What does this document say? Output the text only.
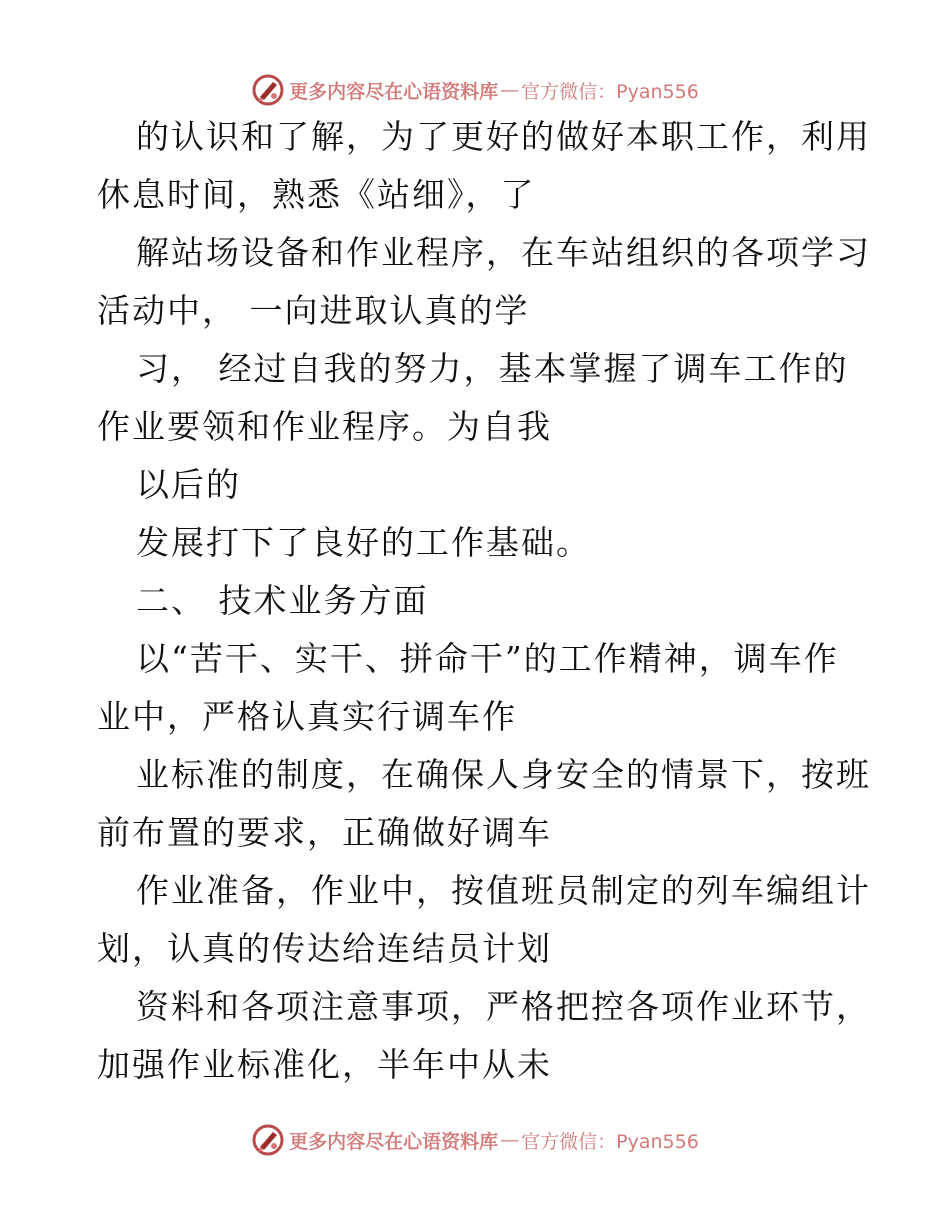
更多内容尽在心语资料库 — 官方微信：Pyan556
的认识和了解，为了更好的做好本职工作，利用
休息时间，熟悉《站细》，了
解站场设备和作业程序，在车站组织的各项学习
活动中， 一向进取认真的学
习， 经过自我的努力，基本掌握了调车工作的
作业要领和作业程序。为自我
以后的
发展打下了良好的工作基础。
二、 技术业务方面
以“苦干、实干、拼命干”的工作精神，调车作
业中，严格认真实行调车作
业标准的制度，在确保人身安全的情景下，按班
前布置的要求，正确做好调车
作业准备，作业中，按值班员制定的列车编组计
划，认真的传达给连结员计划
资料和各项注意事项，严格把控各项作业环节，
加强作业标准化，半年中从未
更多内容尽在心语资料库 — 官方微信：Pyan556
